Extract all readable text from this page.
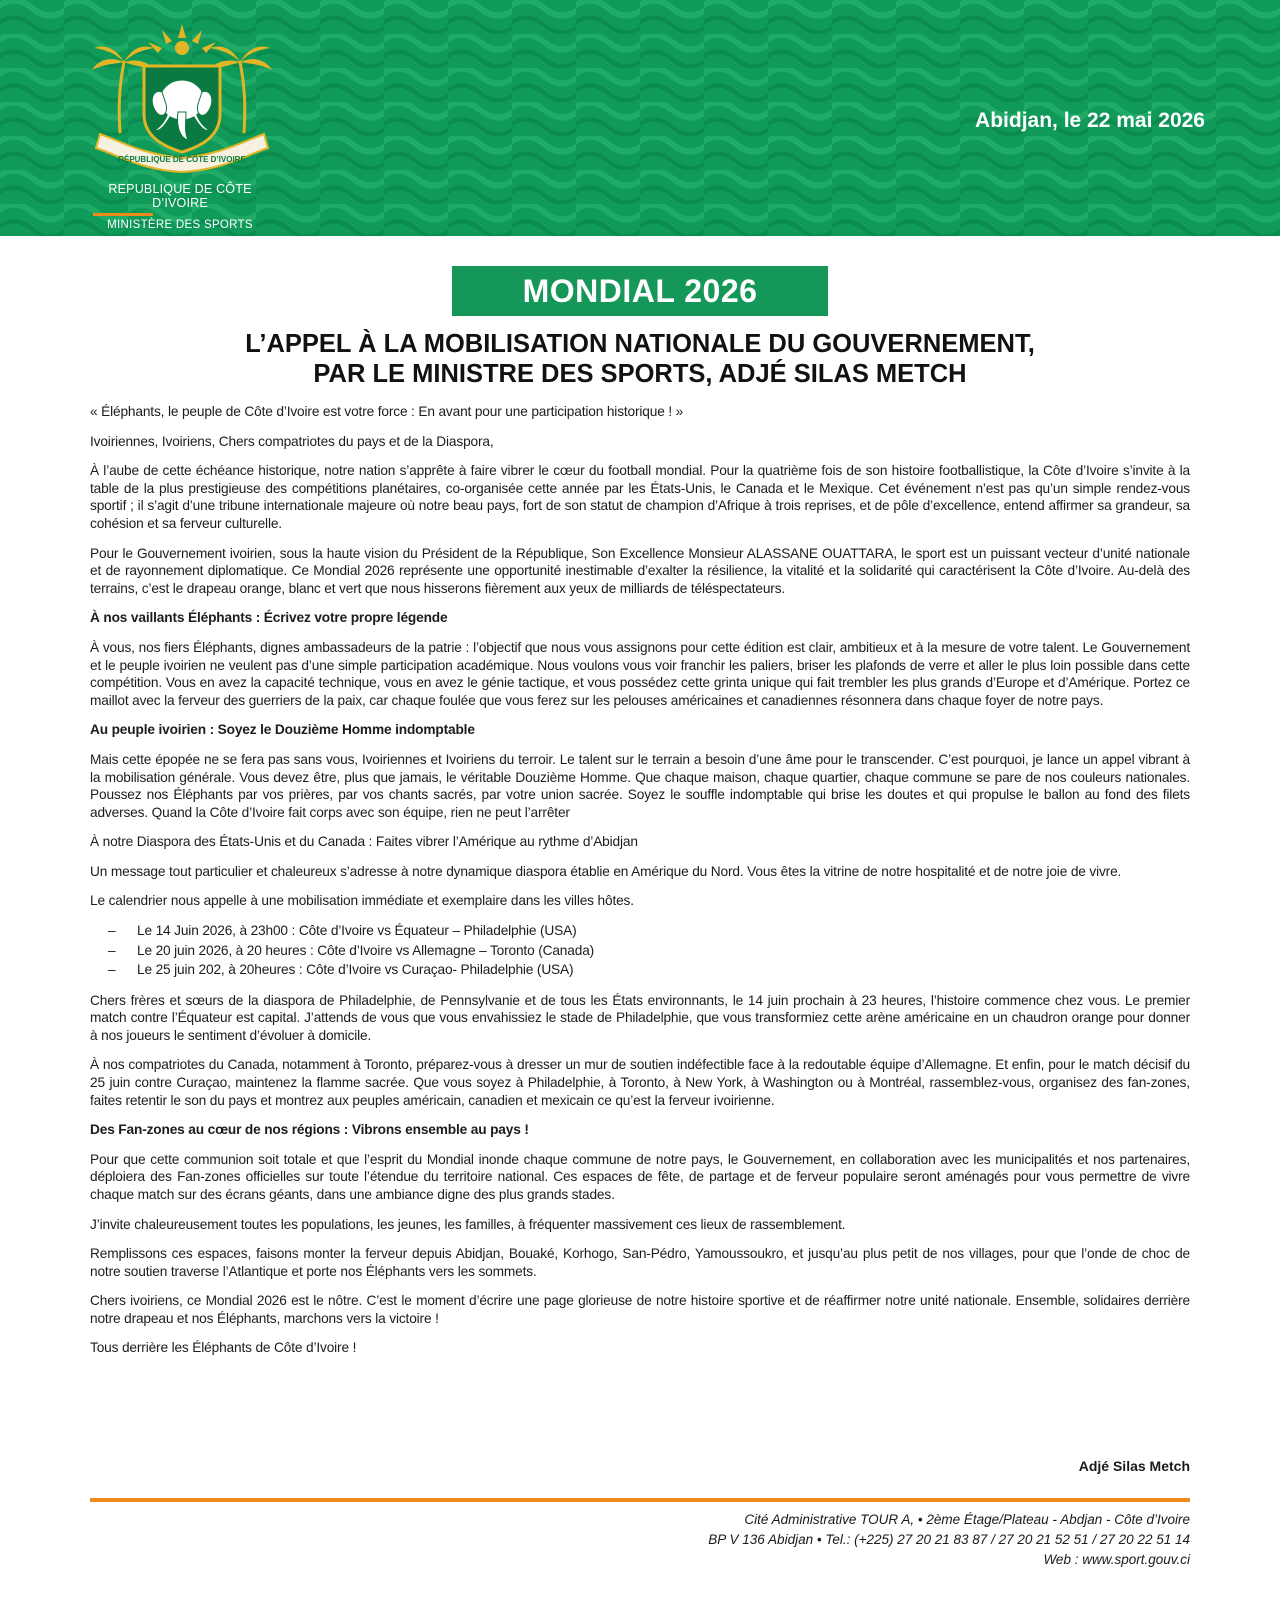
RÉPUBLIQUE DE CÔTE D’IVOIRE
REPUBLIQUE DE CÔTE D’IVOIRE
MINISTÈRE DES SPORTS
Abidjan, le 22 mai 2026
MONDIAL 2026
L’APPEL À LA MOBILISATION NATIONALE DU GOUVERNEMENT,
PAR LE MINISTRE DES SPORTS, ADJÉ SILAS METCH

« Éléphants, le peuple de Côte d’Ivoire est votre force : En avant pour une participation historique ! »

Ivoiriennes, Ivoiriens, Chers compatriotes du pays et de la Diaspora,

À l’aube de cette échéance historique, notre nation s’apprête à faire vibrer le cœur du football mondial. Pour la quatrième fois de son histoire footballistique, la Côte d’Ivoire s’invite à la table de la plus prestigieuse des compétitions planétaires, co-organisée cette année par les États-Unis, le Canada et le Mexique. Cet événement n’est pas qu’un simple rendez-vous sportif ; il s’agit d’une tribune internationale majeure où notre beau pays, fort de son statut de champion d’Afrique à trois reprises, et de pôle d’excellence, entend affirmer sa grandeur, sa cohésion et sa ferveur culturelle.

Pour le Gouvernement ivoirien, sous la haute vision du Président de la République, Son Excellence Monsieur ALASSANE OUATTARA, le sport est un puissant vecteur d’unité nationale et de rayonnement diplomatique. Ce Mondial 2026 représente une opportunité inestimable d’exalter la résilience, la vitalité et la solidarité qui caractérisent la Côte d’Ivoire. Au-delà des terrains, c’est le drapeau orange, blanc et vert que nous hisserons fièrement aux yeux de milliards de téléspectateurs.

À nos vaillants Éléphants : Écrivez votre propre légende

À vous, nos fiers Éléphants, dignes ambassadeurs de la patrie : l’objectif que nous vous assignons pour cette édition est clair, ambitieux et à la mesure de votre talent. Le Gouvernement et le peuple ivoirien ne veulent pas d’une simple participation académique. Nous voulons vous voir franchir les paliers, briser les plafonds de verre et aller le plus loin possible dans cette compétition. Vous en avez la capacité technique, vous en avez le génie tactique, et vous possédez cette grinta unique qui fait trembler les plus grands d’Europe et d’Amérique. Portez ce maillot avec la ferveur des guerriers de la paix, car chaque foulée que vous ferez sur les pelouses américaines et canadiennes résonnera dans chaque foyer de notre pays.

Au peuple ivoirien : Soyez le Douzième Homme indomptable

Mais cette épopée ne se fera pas sans vous, Ivoiriennes et Ivoiriens du terroir. Le talent sur le terrain a besoin d’une âme pour le transcender. C’est pourquoi, je lance un appel vibrant à la mobilisation générale. Vous devez être, plus que jamais, le véritable Douzième Homme. Que chaque maison, chaque quartier, chaque commune se pare de nos couleurs nationales. Poussez nos Éléphants par vos prières, par vos chants sacrés, par votre union sacrée. Soyez le souffle indomptable qui brise les doutes et qui propulse le ballon au fond des filets adverses. Quand la Côte d’Ivoire fait corps avec son équipe, rien ne peut l’arrêter

À notre Diaspora des États-Unis et du Canada : Faites vibrer l’Amérique au rythme d’Abidjan

Un message tout particulier et chaleureux s’adresse à notre dynamique diaspora établie en Amérique du Nord. Vous êtes la vitrine de notre hospitalité et de notre joie de vivre.

Le calendrier nous appelle à une mobilisation immédiate et exemplaire dans les villes hôtes.

– Le 14 Juin 2026, à 23h00 : Côte d’Ivoire vs Équateur – Philadelphie (USA)
– Le 20 juin 2026, à 20 heures : Côte d’Ivoire vs Allemagne – Toronto (Canada)
– Le 25 juin 202, à 20heures : Côte d’Ivoire vs Curaçao- Philadelphie (USA)

Chers frères et sœurs de la diaspora de Philadelphie, de Pennsylvanie et de tous les États environnants, le 14 juin prochain à 23 heures, l’histoire commence chez vous. Le premier match contre l’Équateur est capital. J’attends de vous que vous envahissiez le stade de Philadelphie, que vous transformiez cette arène américaine en un chaudron orange pour donner à nos joueurs le sentiment d’évoluer à domicile.

À nos compatriotes du Canada, notamment à Toronto, préparez-vous à dresser un mur de soutien indéfectible face à la redoutable équipe d’Allemagne. Et enfin, pour le match décisif du 25 juin contre Curaçao, maintenez la flamme sacrée. Que vous soyez à Philadelphie, à Toronto, à New York, à Washington ou à Montréal, rassemblez-vous, organisez des fan-zones, faites retentir le son du pays et montrez aux peuples américain, canadien et mexicain ce qu’est la ferveur ivoirienne.

Des Fan-zones au cœur de nos régions : Vibrons ensemble au pays !

Pour que cette communion soit totale et que l’esprit du Mondial inonde chaque commune de notre pays, le Gouvernement, en collaboration avec les municipalités et nos partenaires, déploiera des Fan-zones officielles sur toute l’étendue du territoire national. Ces espaces de fête, de partage et de ferveur populaire seront aménagés pour vous permettre de vivre chaque match sur des écrans géants, dans une ambiance digne des plus grands stades.

J’invite chaleureusement toutes les populations, les jeunes, les familles, à fréquenter massivement ces lieux de rassemblement.

Remplissons ces espaces, faisons monter la ferveur depuis Abidjan, Bouaké, Korhogo, San-Pédro, Yamoussoukro, et jusqu’au plus petit de nos villages, pour que l’onde de choc de notre soutien traverse l’Atlantique et porte nos Éléphants vers les sommets.

Chers ivoiriens, ce Mondial 2026 est le nôtre. C’est le moment d’écrire une page glorieuse de notre histoire sportive et de réaffirmer notre unité nationale. Ensemble, solidaires derrière notre drapeau et nos Éléphants, marchons vers la victoire !

Tous derrière les Éléphants de Côte d’Ivoire !

Adjé Silas Metch
Cité Administrative TOUR A, • 2ème Étage/Plateau - Abdjan - Côte d’Ivoire
BP V 136 Abidjan • Tel.: (+225) 27 20 21 83 87 / 27 20 21 52 51 / 27 20 22 51 14
Web : www.sport.gouv.ci
